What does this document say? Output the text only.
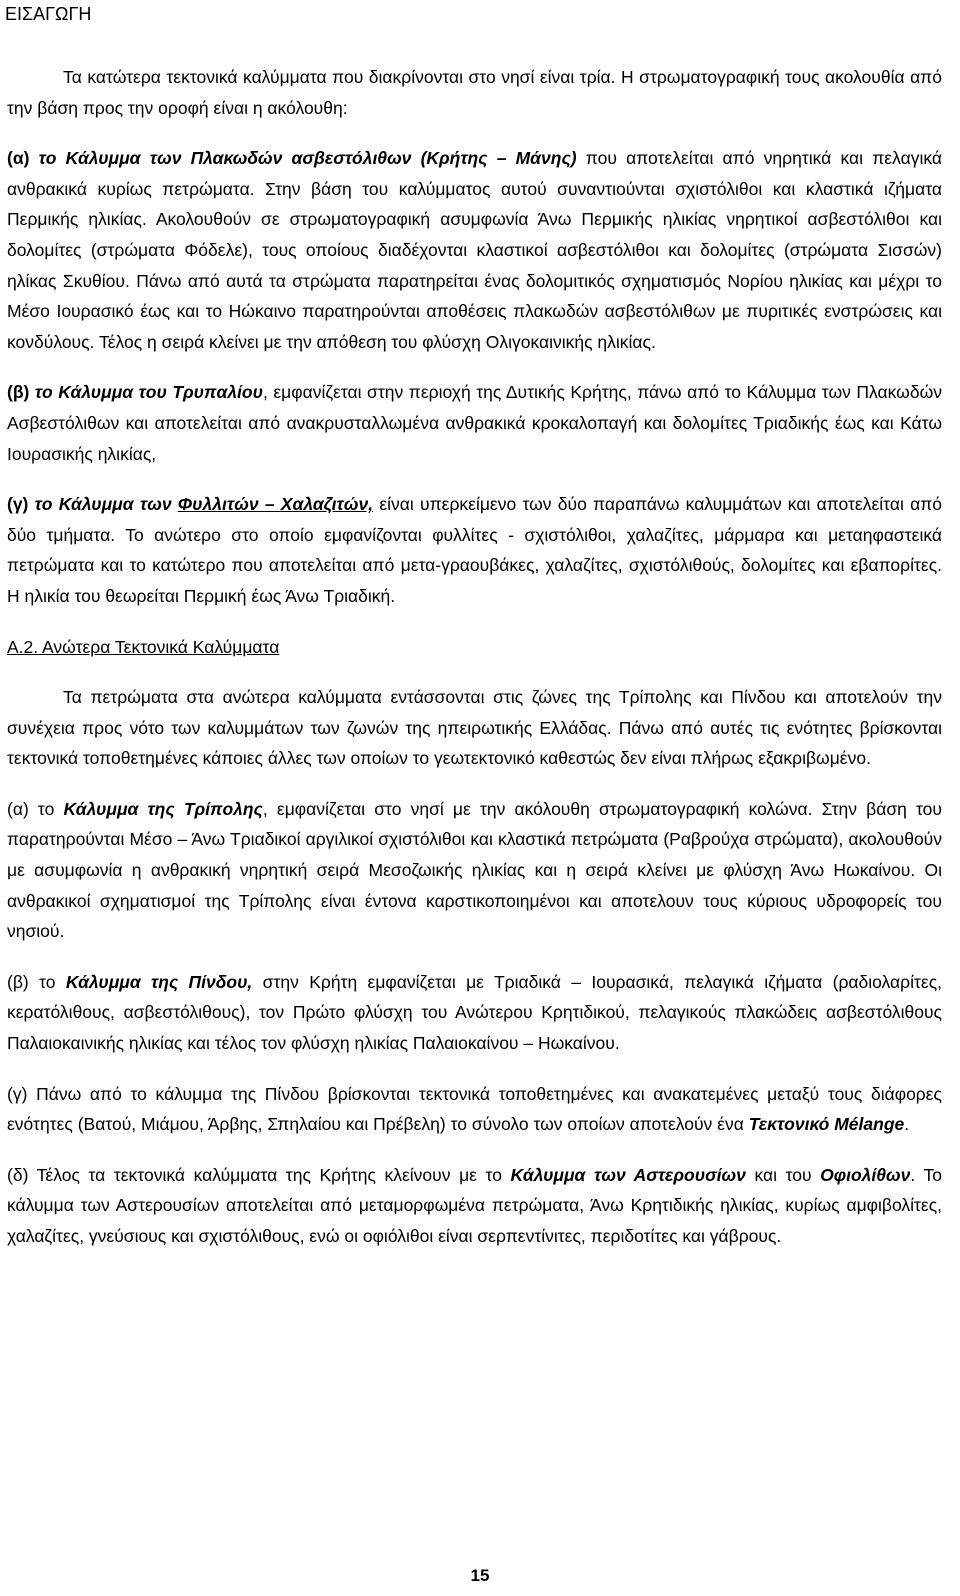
ΕΙΣΑΓΩΓΗ

Τα κατώτερα τεκτονικά καλύμματα που διακρίνονται στο νησί είναι τρία. Η στρωματογραφική τους ακολουθία από την βάση προς την οροφή είναι η ακόλουθη:

(α) το Κάλυμμα των Πλακωδών ασβεστόλιθων (Κρήτης – Μάνης) που αποτελείται από νηρητικά και πελαγικά ανθρακικά κυρίως πετρώματα. Στην βάση του καλύμματος αυτού συναντιούνται σχιστόλιθοι και κλαστικά ιζήματα Περμικής ηλικίας. Ακολουθούν σε στρωματογραφική ασυμφωνία Άνω Περμικής ηλικίας νηρητικοί ασβεστόλιθοι και δολομίτες (στρώματα Φόδελε), τους οποίους διαδέχονται κλαστικοί ασβεστόλιθοι και δολομίτες (στρώματα Σισσών) ηλίκας Σκυθίου. Πάνω από αυτά τα στρώματα παρατηρείται ένας δολομιτικός σχηματισμός Νορίου ηλικίας και μέχρι το Μέσο Ιουρασικό έως και το Ηώκαινο παρατηρούνται αποθέσεις πλακωδών ασβεστόλιθων με πυριτικές ενστρώσεις και κονδύλους. Τέλος η σειρά κλείνει με την απόθεση του φλύσχη Ολιγοκαινικής ηλικίας.

(β) το Κάλυμμα του Τρυπαλίου, εμφανίζεται στην περιοχή της Δυτικής Κρήτης, πάνω από το Κάλυμμα των Πλακωδών Ασβεστόλιθων και αποτελείται από ανακρυσταλλωμένα ανθρακικά κροκαλοπαγή και δολομίτες Τριαδικής έως και Κάτω Ιουρασικής ηλικίας,

(γ) το Κάλυμμα των Φυλλιτών – Χαλαζιτών, είναι υπερκείμενο των δύο παραπάνω καλυμμάτων και αποτελείται από δύο τμήματα. Το ανώτερο στο οποίο εμφανίζονται φυλλίτες - σχιστόλιθοι, χαλαζίτες, μάρμαρα και μεταηφαστεικά πετρώματα και το κατώτερο που αποτελείται από μετα-γραουβάκες, χαλαζίτες, σχιστόλιθούς, δολομίτες και εβαπορίτες. Η ηλικία του θεωρείται Περμική έως Άνω Τριαδική.

Α.2. Ανώτερα Τεκτονικά Καλύμματα

Τα πετρώματα στα ανώτερα καλύμματα εντάσσονται στις ζώνες της Τρίπολης και Πίνδου και αποτελούν την συνέχεια προς νότο των καλυμμάτων των ζωνών της ηπειρωτικής Ελλάδας. Πάνω από αυτές τις ενότητες βρίσκονται τεκτονικά τοποθετημένες κάποιες άλλες των οποίων το γεωτεκτονικό καθεστώς δεν είναι πλήρως εξακριβωμένο.

(α) το Κάλυμμα της Τρίπολης, εμφανίζεται στο νησί με την ακόλουθη στρωματογραφική κολώνα. Στην βάση του παρατηρούνται Μέσο – Άνω Τριαδικοί αργιλικοί σχιστόλιθοι και κλαστικά πετρώματα (Ραβρούχα στρώματα), ακολουθούν με ασυμφωνία η ανθρακική νηρητική σειρά Μεσοζωικής ηλικίας και η σειρά κλείνει με φλύσχη Άνω Ηωκαίνου. Οι ανθρακικοί σχηματισμοί της Τρίπολης είναι έντονα καρστικοποιημένοι και αποτελουν τους κύριους υδροφορείς του νησιού.

(β) το Κάλυμμα της Πίνδου, στην Κρήτη εμφανίζεται με Τριαδικά – Ιουρασικά, πελαγικά ιζήματα (ραδιολαρίτες, κερατόλιθους, ασβεστόλιθους), τον Πρώτο φλύσχη του Ανώτερου Κρητιδικού, πελαγικούς πλακώδεις ασβεστόλιθους Παλαιοκαινικής ηλικίας και τέλος τον φλύσχη ηλικίας Παλαιοκαίνου – Ηωκαίνου.

(γ) Πάνω από το κάλυμμα της Πίνδου βρίσκονται τεκτονικά τοποθετημένες και ανακατεμένες μεταξύ τους διάφορες ενότητες (Βατού, Μιάμου, Άρβης, Σπηλαίου και Πρέβελη) το σύνολο των οποίων αποτελούν ένα Τεκτονικό Mélange.

(δ) Τέλος τα τεκτονικά καλύμματα της Κρήτης κλείνουν με το Κάλυμμα των Αστερουσίων και του Οφιολίθων. Το κάλυμμα των Αστερουσίων αποτελείται από μεταμορφωμένα πετρώματα, Άνω Κρητιδικής ηλικίας, κυρίως αμφιβολίτες, χαλαζίτες, γνεύσιους και σχιστόλιθους, ενώ οι οφιόλιθοι είναι σερπεντίνιτες, περιδοτίτες και γάβρους.

15
